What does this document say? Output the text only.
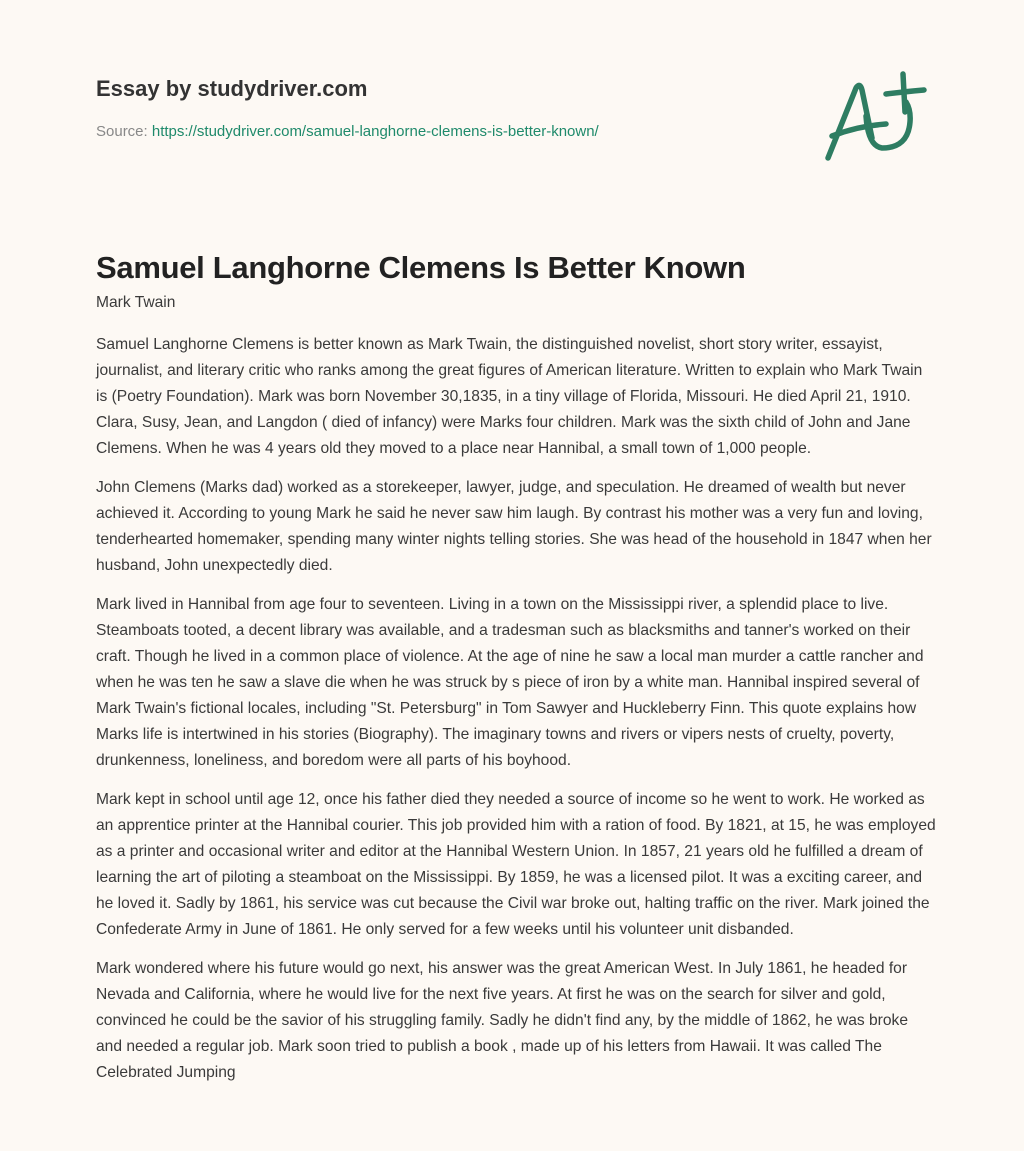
Essay by studydriver.com
Source: https://studydriver.com/samuel-langhorne-clemens-is-better-known/
Samuel Langhorne Clemens Is Better Known

Mark Twain

Samuel Langhorne Clemens is better known as Mark Twain, the distinguished novelist, short story writer, essayist, journalist, and literary critic who ranks among the great figures of American literature. Written to explain who Mark Twain is (Poetry Foundation). Mark was born November 30,1835, in a tiny village of Florida, Missouri. He died April 21, 1910. Clara, Susy, Jean, and Langdon ( died of infancy) were Marks four children. Mark was the sixth child of John and Jane Clemens. When he was 4 years old they moved to a place near Hannibal, a small town of 1,000 people.

John Clemens (Marks dad) worked as a storekeeper, lawyer, judge, and speculation. He dreamed of wealth but never achieved it. According to young Mark he said he never saw him laugh. By contrast his mother was a very fun and loving, tenderhearted homemaker, spending many winter nights telling stories. She was head of the household in 1847 when her husband, John unexpectedly died.

Mark lived in Hannibal from age four to seventeen. Living in a town on the Mississippi river, a splendid place to live. Steamboats tooted, a decent library was available, and a tradesman such as blacksmiths and tanner's worked on their craft. Though he lived in a common place of violence. At the age of nine he saw a local man murder a cattle rancher and when he was ten he saw a slave die when he was struck by s piece of iron by a white man. Hannibal inspired several of Mark Twain's fictional locales, including "St. Petersburg" in Tom Sawyer and Huckleberry Finn. This quote explains how Marks life is intertwined in his stories (Biography). The imaginary towns and rivers or vipers nests of cruelty, poverty, drunkenness, loneliness, and boredom were all parts of his boyhood.

Mark kept in school until age 12, once his father died they needed a source of income so he went to work. He worked as an apprentice printer at the Hannibal courier. This job provided him with a ration of food. By 1821, at 15, he was employed as a printer and occasional writer and editor at the Hannibal Western Union. In 1857, 21 years old he fulfilled a dream of learning the art of piloting a steamboat on the Mississippi. By 1859, he was a licensed pilot. It was a exciting career, and he loved it. Sadly by 1861, his service was cut because the Civil war broke out, halting traffic on the river. Mark joined the Confederate Army in June of 1861. He only served for a few weeks until his volunteer unit disbanded.

Mark wondered where his future would go next, his answer was the great American West. In July 1861, he headed for Nevada and California, where he would live for the next five years. At first he was on the search for silver and gold, convinced he could be the savior of his struggling family. Sadly he didn't find any, by the middle of 1862, he was broke and needed a regular job. Mark soon tried to publish a book , made up of his letters from Hawaii. It was called The Celebrated Jumping
